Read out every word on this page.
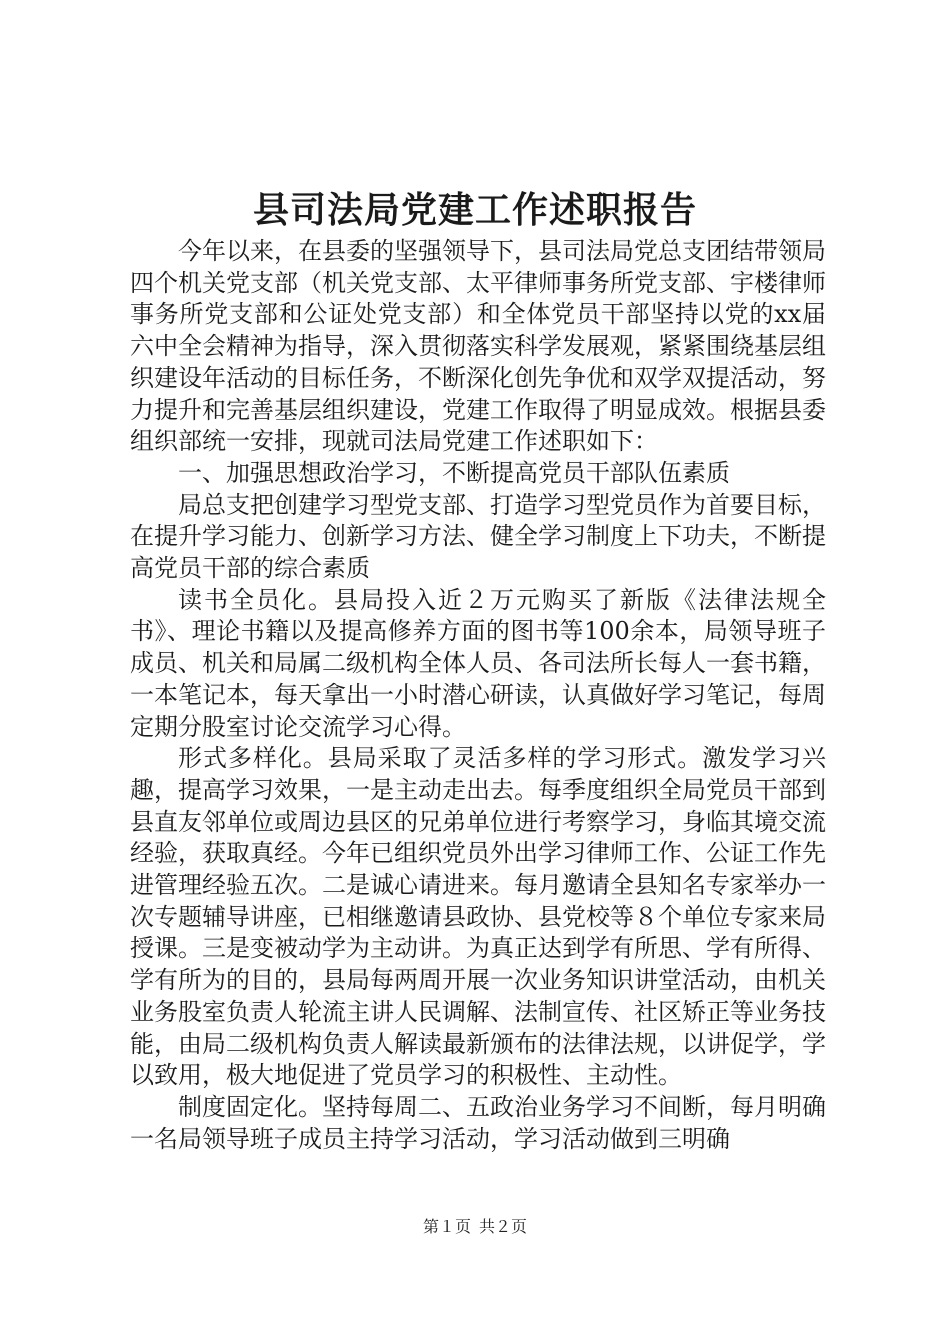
县司法局党建工作述职报告

今年以来，在县委的坚强领导下，县司法局党总支团结带领局四个机关党支部（机关党支部、太平律师事务所党支部、宇楼律师事务所党支部和公证处党支部）和全体党员干部坚持以党的xx届六中全会精神为指导，深入贯彻落实科学发展观，紧紧围绕基层组织建设年活动的目标任务，不断深化创先争优和双学双提活动，努力提升和完善基层组织建设，党建工作取得了明显成效。根据县委组织部统一安排，现就司法局党建工作述职如下：

一、加强思想政治学习，不断提高党员干部队伍素质

局总支把创建学习型党支部、打造学习型党员作为首要目标，在提升学习能力、创新学习方法、健全学习制度上下功夫，不断提高党员干部的综合素质

读书全员化。县局投入近２万元购买了新版《法律法规全书》、理论书籍以及提高修养方面的图书等100余本，局领导班子成员、机关和局属二级机构全体人员、各司法所长每人一套书籍，一本笔记本，每天拿出一小时潜心研读，认真做好学习笔记，每周定期分股室讨论交流学习心得。

形式多样化。县局采取了灵活多样的学习形式。激发学习兴趣，提高学习效果，一是主动走出去。每季度组织全局党员干部到县直友邻单位或周边县区的兄弟单位进行考察学习，身临其境交流经验，获取真经。今年已组织党员外出学习律师工作、公证工作先进管理经验五次。二是诚心请进来。每月邀请全县知名专家举办一次专题辅导讲座，已相继邀请县政协、县党校等８个单位专家来局授课。三是变被动学为主动讲。为真正达到学有所思、学有所得、学有所为的目的，县局每两周开展一次业务知识讲堂活动，由机关业务股室负责人轮流主讲人民调解、法制宣传、社区矫正等业务技能，由局二级机构负责人解读最新颁布的法律法规，以讲促学，学以致用，极大地促进了党员学习的积极性、主动性。

制度固定化。坚持每周二、五政治业务学习不间断，每月明确一名局领导班子成员主持学习活动，学习活动做到三明确

第１页 共２页
